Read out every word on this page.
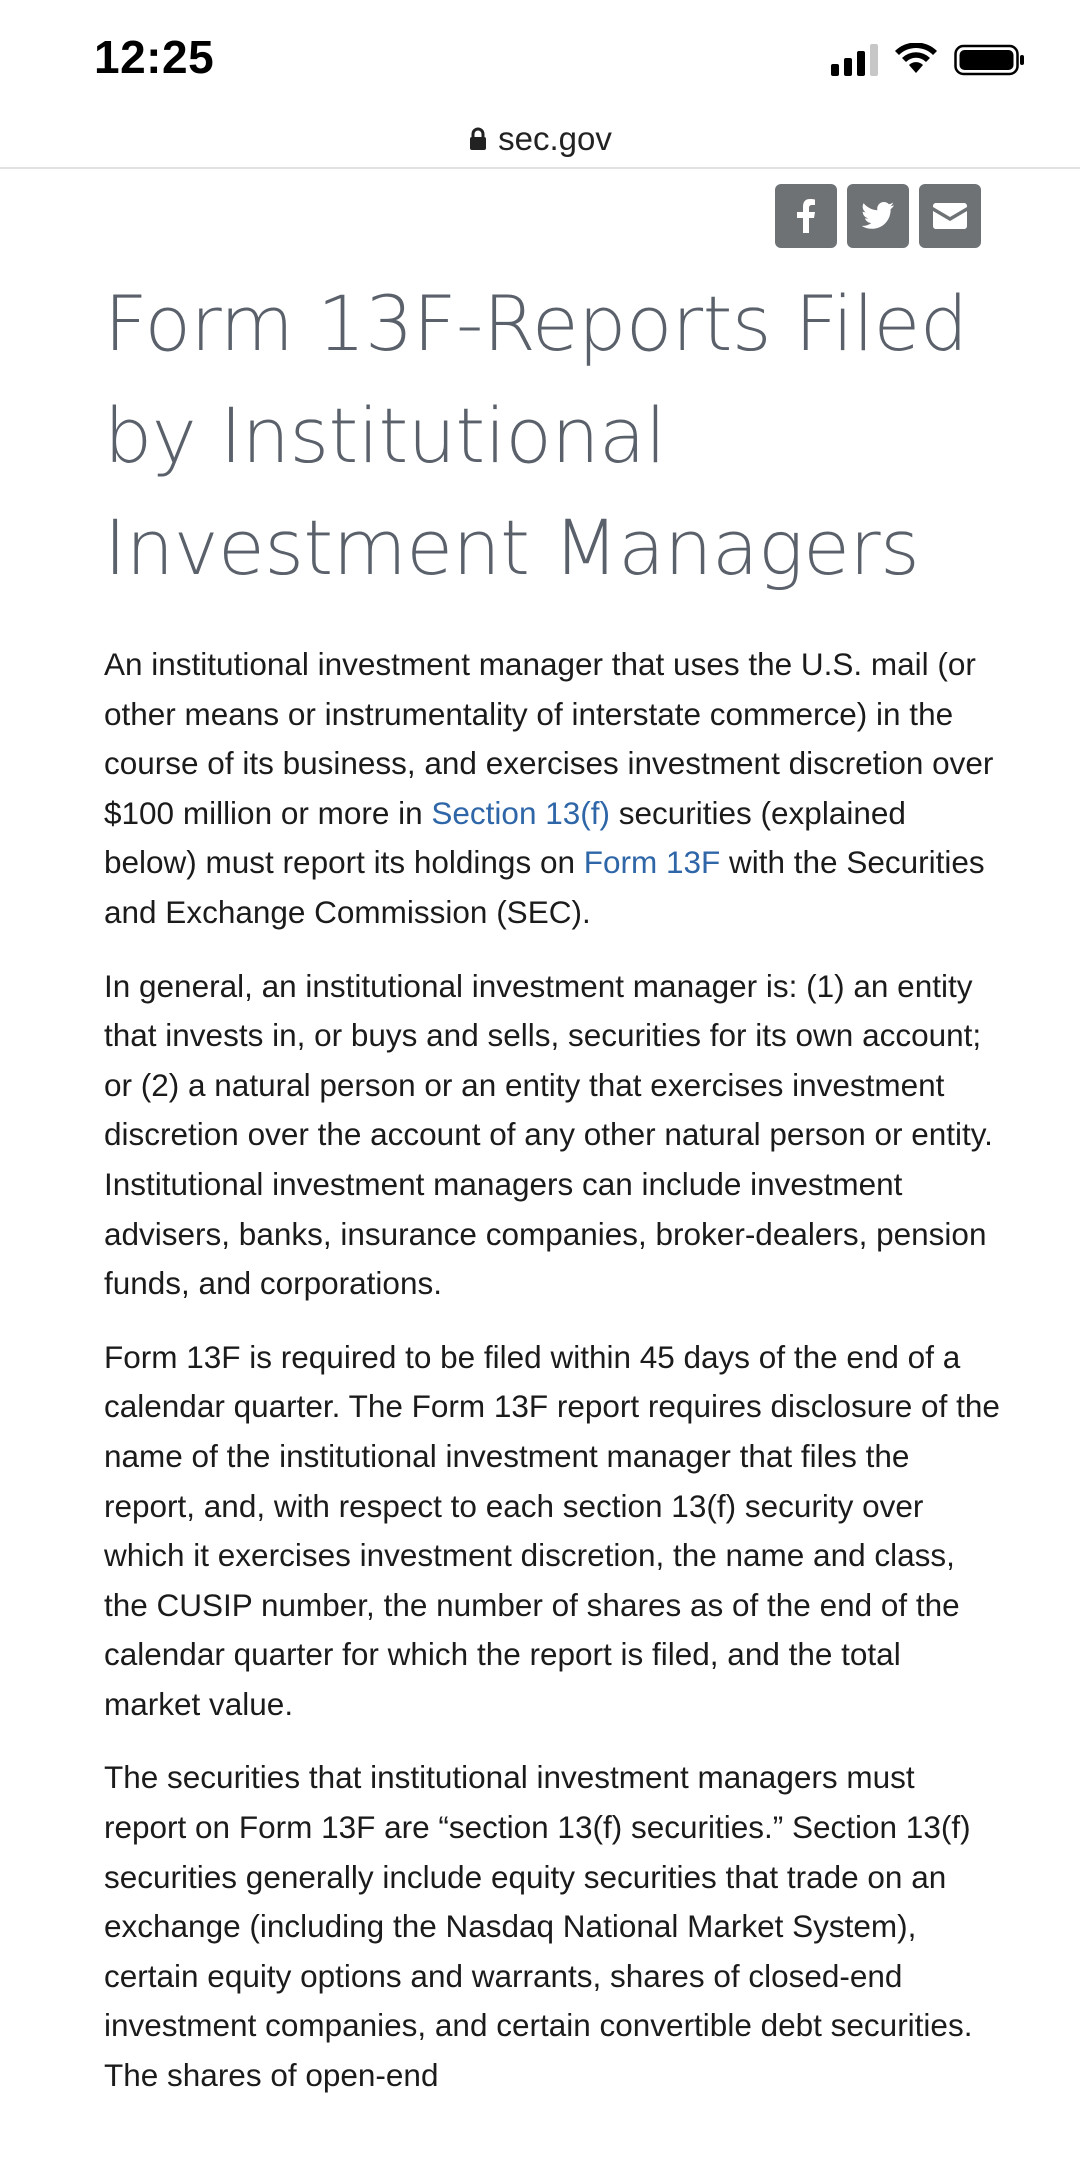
12:25
sec.gov
Form 13F-Reports Filed by Institutional Investment Managers

An institutional investment manager that uses the U.S. mail (or other means or instrumentality of interstate commerce) in the course of its business, and exercises investment discretion over $100 million or more in Section 13(f) securities (explained below) must report its holdings on Form 13F with the Securities and Exchange Commission (SEC).

In general, an institutional investment manager is: (1) an entity that invests in, or buys and sells, securities for its own account; or (2) a natural person or an entity that exercises investment discretion over the account of any other natural person or entity. Institutional investment managers can include investment advisers, banks, insurance companies, broker-dealers, pension funds, and corporations.

Form 13F is required to be filed within 45 days of the end of a calendar quarter. The Form 13F report requires disclosure of the name of the institutional investment manager that files the report, and, with respect to each section 13(f) security over which it exercises investment discretion, the name and class, the CUSIP number, the number of shares as of the end of the calendar quarter for which the report is filed, and the total market value.

The securities that institutional investment managers must report on Form 13F are “section 13(f) securities.” Section 13(f) securities generally include equity securities that trade on an exchange (including the Nasdaq National Market System), certain equity options and warrants, shares of closed-end investment companies, and certain convertible debt securities. The shares of open-end
